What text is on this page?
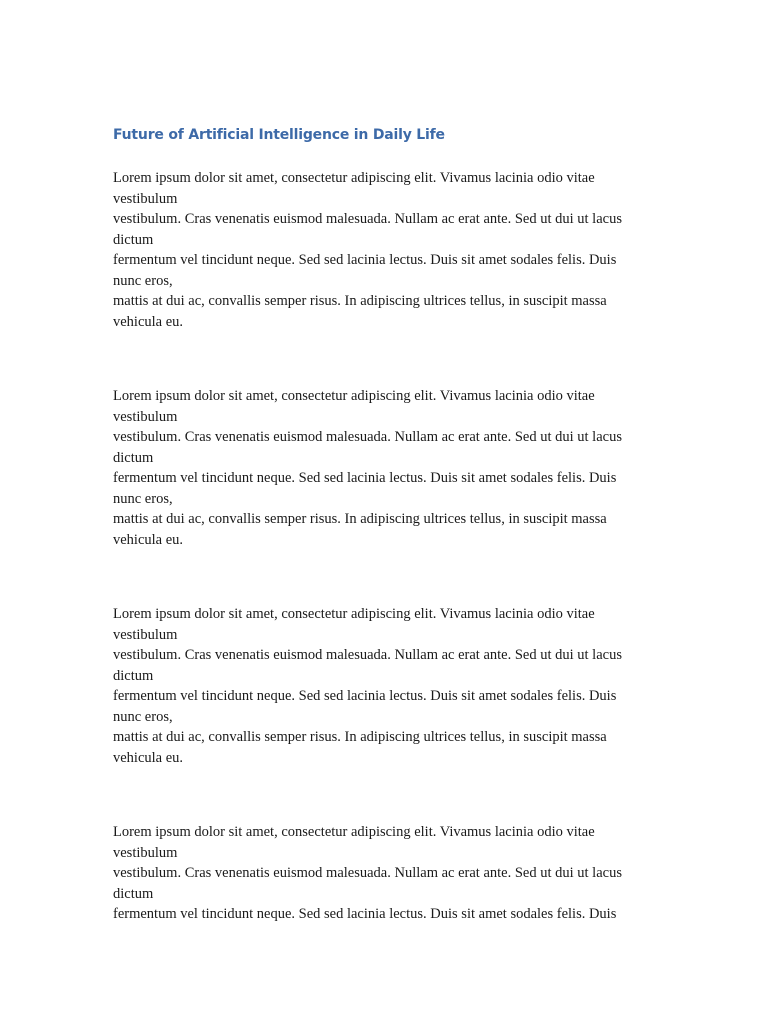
Future of Artificial Intelligence in Daily Life
Lorem ipsum dolor sit amet, consectetur adipiscing elit. Vivamus lacinia odio vitae
vestibulum
vestibulum. Cras venenatis euismod malesuada. Nullam ac erat ante. Sed ut dui ut lacus
dictum
fermentum vel tincidunt neque. Sed sed lacinia lectus. Duis sit amet sodales felis. Duis
nunc eros,
mattis at dui ac, convallis semper risus. In adipiscing ultrices tellus, in suscipit massa
vehicula eu.
Lorem ipsum dolor sit amet, consectetur adipiscing elit. Vivamus lacinia odio vitae
vestibulum
vestibulum. Cras venenatis euismod malesuada. Nullam ac erat ante. Sed ut dui ut lacus
dictum
fermentum vel tincidunt neque. Sed sed lacinia lectus. Duis sit amet sodales felis. Duis
nunc eros,
mattis at dui ac, convallis semper risus. In adipiscing ultrices tellus, in suscipit massa
vehicula eu.
Lorem ipsum dolor sit amet, consectetur adipiscing elit. Vivamus lacinia odio vitae
vestibulum
vestibulum. Cras venenatis euismod malesuada. Nullam ac erat ante. Sed ut dui ut lacus
dictum
fermentum vel tincidunt neque. Sed sed lacinia lectus. Duis sit amet sodales felis. Duis
nunc eros,
mattis at dui ac, convallis semper risus. In adipiscing ultrices tellus, in suscipit massa
vehicula eu.
Lorem ipsum dolor sit amet, consectetur adipiscing elit. Vivamus lacinia odio vitae
vestibulum
vestibulum. Cras venenatis euismod malesuada. Nullam ac erat ante. Sed ut dui ut lacus
dictum
fermentum vel tincidunt neque. Sed sed lacinia lectus. Duis sit amet sodales felis. Duis
